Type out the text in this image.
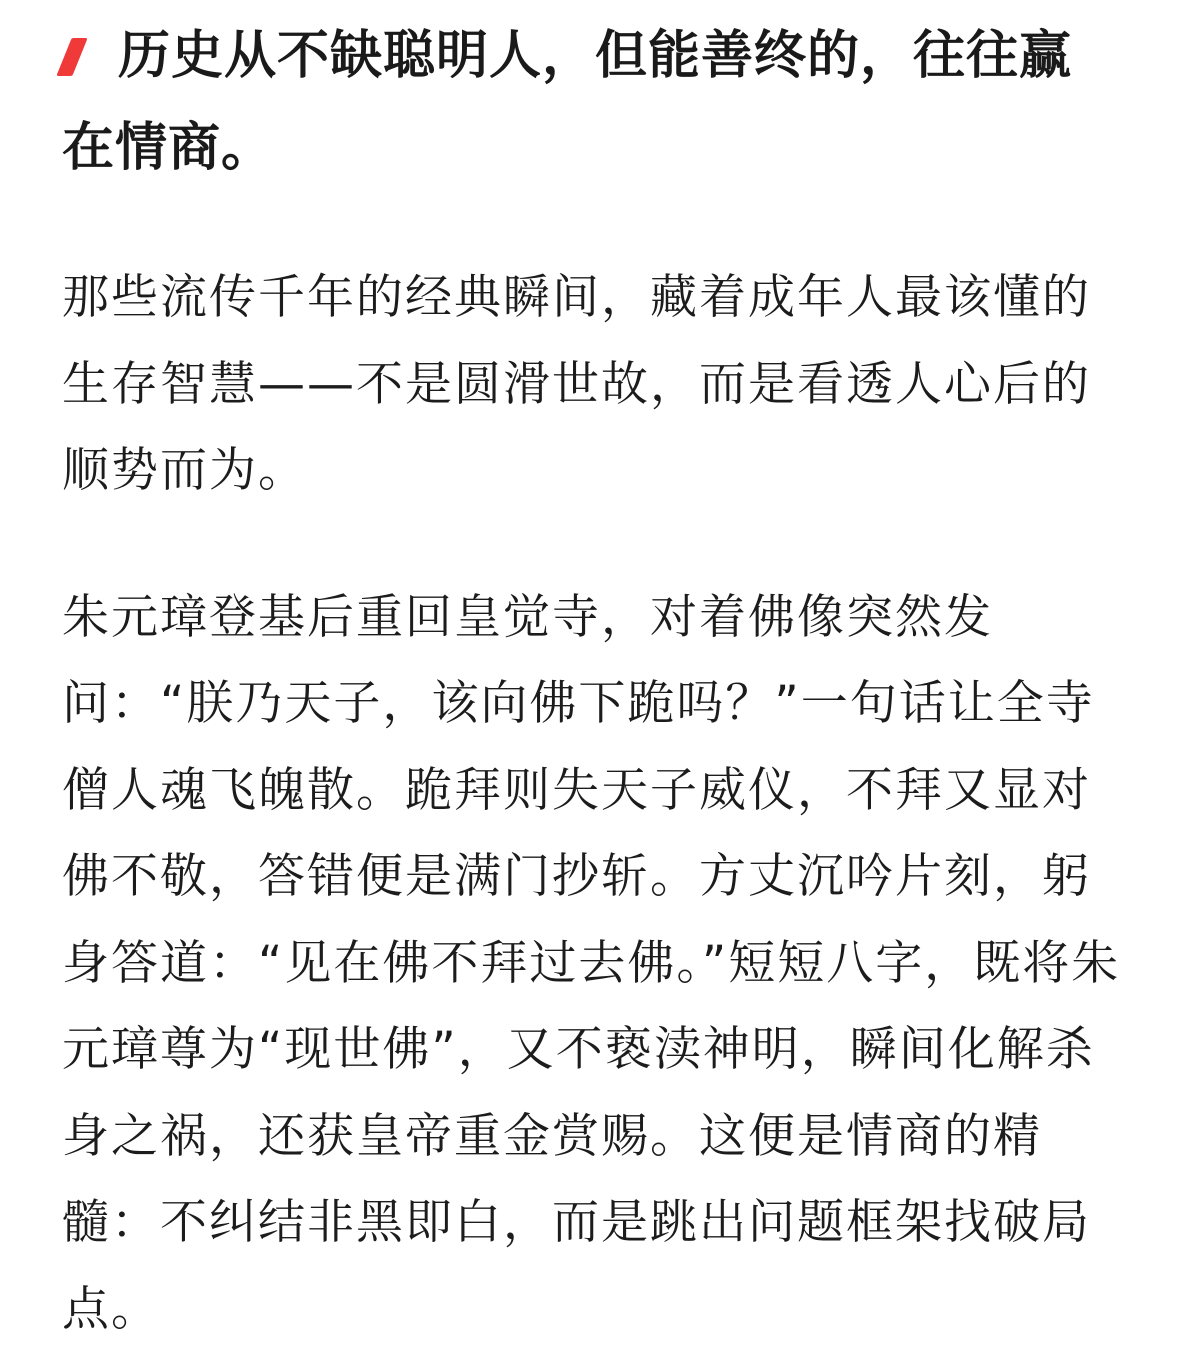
历史从不缺聪明人，但能善终的，往往赢在情商。

那些流传千年的经典瞬间，藏着成年人最该懂的生存智慧——不是圆滑世故，而是看透人心后的顺势而为。

朱元璋登基后重回皇觉寺，对着佛像突然发问：“朕乃天子，该向佛下跪吗？”一句话让全寺僧人魂飞魄散。跪拜则失天子威仪，不拜又显对佛不敬，答错便是满门抄斩。方丈沉吟片刻，躬身答道：“见在佛不拜过去佛。”短短八字，既将朱元璋尊为“现世佛”，又不亵渎神明，瞬间化解杀身之祸，还获皇帝重金赏赐。这便是情商的精髓：不纠结非黑即白，而是跳出问题框架找破局点。
